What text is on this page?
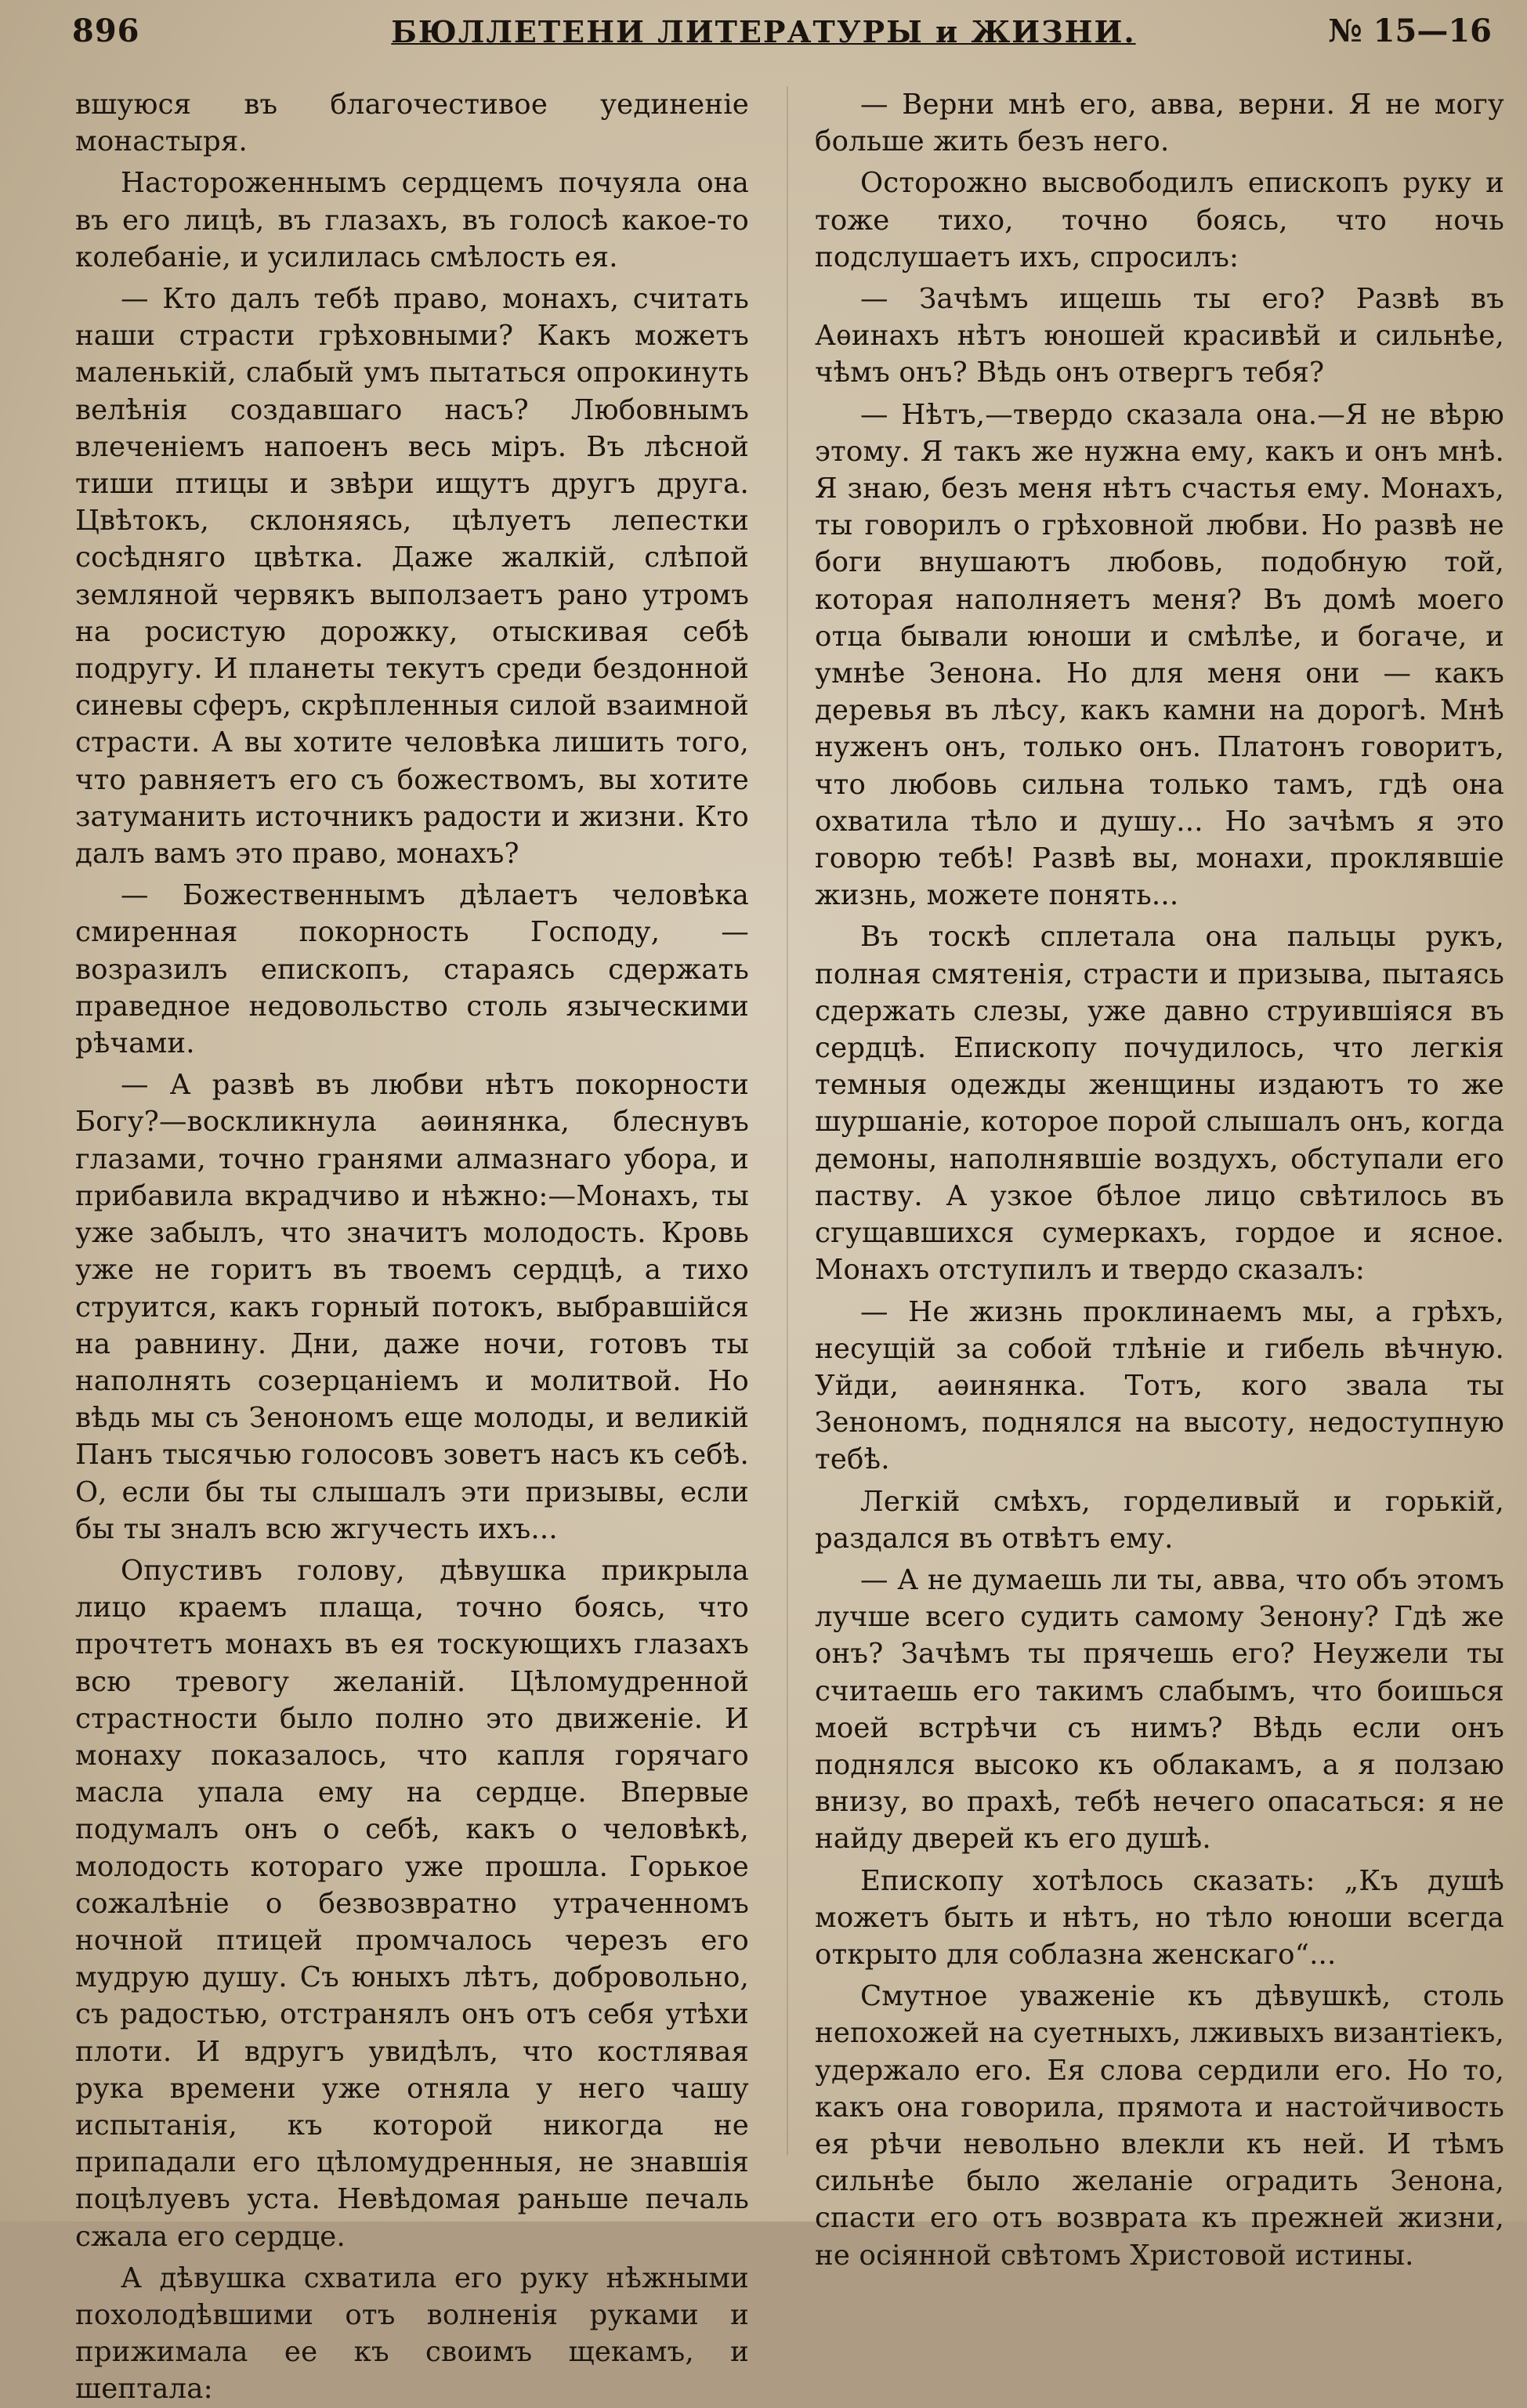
896	БЮЛЛЕТЕНИ ЛИТЕРАТУРЫ и ЖИЗНИ.	№ 15—16

вшуюся въ благочестивое уединеніе монастыря.

Настороженнымъ сердцемъ почуяла она въ его лицѣ, въ глазахъ, въ голосѣ какое-то колебаніе, и усилилась смѣлость ея.

— Кто далъ тебѣ право, монахъ, считать наши страсти грѣховными? Какъ можетъ маленькій, слабый умъ пытаться опрокинуть велѣнія создавшаго насъ? Любовнымъ влеченіемъ напоенъ весь міръ. Въ лѣсной тиши птицы и звѣри ищутъ другъ друга. Цвѣтокъ, склоняясь, цѣлуетъ лепестки сосѣдняго цвѣтка. Даже жалкій, слѣпой земляной червякъ выползаетъ рано утромъ на росистую дорожку, отыскивая себѣ подругу. И планеты текутъ среди бездонной синевы сферъ, скрѣпленныя силой взаимной страсти. А вы хотите человѣка лишить того, что равняетъ его съ божествомъ, вы хотите затуманить источникъ радости и жизни. Кто далъ вамъ это право, монахъ?

— Божественнымъ дѣлаетъ человѣка смиренная покорность Господу, — возразилъ епископъ, стараясь сдержать праведное недовольство столь языческими рѣчами.

— А развѣ въ любви нѣтъ покорности Богу?—воскликнула аѳинянка, блеснувъ глазами, точно гранями алмазнаго убора, и прибавила вкрадчиво и нѣжно:—Монахъ, ты уже забылъ, что значитъ молодость. Кровь уже не горитъ въ твоемъ сердцѣ, а тихо струится, какъ горный потокъ, выбравшійся на равнину. Дни, даже ночи, готовъ ты наполнять созерцаніемъ и молитвой. Но вѣдь мы съ Зенономъ еще молоды, и великій Панъ тысячью голосовъ зоветъ насъ къ себѣ. О, если бы ты слышалъ эти призывы, если бы ты зналъ всю жгучесть ихъ...

Опустивъ голову, дѣвушка прикрыла лицо краемъ плаща, точно боясь, что прочтетъ монахъ въ ея тоскующихъ глазахъ всю тревогу желаній. Цѣломудренной страстности было полно это движеніе. И монаху показалось, что капля горячаго масла упала ему на сердце. Впервые подумалъ онъ о себѣ, какъ о человѣкѣ, молодость котораго уже прошла. Горькое сожалѣніе о безвозвратно утраченномъ ночной птицей промчалось черезъ его мудрую душу. Съ юныхъ лѣтъ, добровольно, съ радостью, отстранялъ онъ отъ себя утѣхи плоти. И вдругъ увидѣлъ, что костлявая рука времени уже отняла у него чашу испытанія, къ которой никогда не припадали его цѣломудренныя, не знавшія поцѣлуевъ уста. Невѣдомая раньше печаль сжала его сердце.

А дѣвушка схватила его руку нѣжными похолодѣвшими отъ волненія руками и прижимала ее къ своимъ щекамъ, и шептала:

— Верни мнѣ его, авва, верни. Я не могу больше жить безъ него.

Осторожно высвободилъ епископъ руку и тоже тихо, точно боясь, что ночь подслушаетъ ихъ, спросилъ:

— Зачѣмъ ищешь ты его? Развѣ въ Аѳинахъ нѣтъ юношей красивѣй и сильнѣе, чѣмъ онъ? Вѣдь онъ отвергъ тебя?

— Нѣтъ,—твердо сказала она.—Я не вѣрю этому. Я такъ же нужна ему, какъ и онъ мнѣ. Я знаю, безъ меня нѣтъ счастья ему. Монахъ, ты говорилъ о грѣховной любви. Но развѣ не боги внушаютъ любовь, подобную той, которая наполняетъ меня? Въ домѣ моего отца бывали юноши и смѣлѣе, и богаче, и умнѣе Зенона. Но для меня они — какъ деревья въ лѣсу, какъ камни на дорогѣ. Мнѣ нуженъ онъ, только онъ. Платонъ говоритъ, что любовь сильна только тамъ, гдѣ она охватила тѣло и душу... Но зачѣмъ я это говорю тебѣ! Развѣ вы, монахи, проклявшіе жизнь, можете понять...

Въ тоскѣ сплетала она пальцы рукъ, полная смятенія, страсти и призыва, пытаясь сдержать слезы, уже давно струившіяся въ сердцѣ. Епископу почудилось, что легкія темныя одежды женщины издаютъ то же шуршаніе, которое порой слышалъ онъ, когда демоны, наполнявшіе воздухъ, обступали его паству. А узкое бѣлое лицо свѣтилось въ сгущавшихся сумеркахъ, гордое и ясное. Монахъ отступилъ и твердо сказалъ:

— Не жизнь проклинаемъ мы, а грѣхъ, несущій за собой тлѣніе и гибель вѣчную. Уйди, аѳинянка. Тотъ, кого звала ты Зенономъ, поднялся на высоту, недоступную тебѣ.

Легкій смѣхъ, горделивый и горькій, раздался въ отвѣтъ ему.

— А не думаешь ли ты, авва, что объ этомъ лучше всего судить самому Зенону? Гдѣ же онъ? Зачѣмъ ты прячешь его? Неужели ты считаешь его такимъ слабымъ, что боишься моей встрѣчи съ нимъ? Вѣдь если онъ поднялся высоко къ облакамъ, а я ползаю внизу, во прахѣ, тебѣ нечего опасаться: я не найду дверей къ его душѣ.

Епископу хотѣлось сказать: „Къ душѣ можетъ быть и нѣтъ, но тѣло юноши всегда открыто для соблазна женскаго“...

Смутное уваженіе къ дѣвушкѣ, столь непохожей на суетныхъ, лживыхъ византіекъ, удержало его. Ея слова сердили его. Но то, какъ она говорила, прямота и настойчивость ея рѣчи невольно влекли къ ней. И тѣмъ сильнѣе было желаніе оградить Зенона, спасти его отъ возврата къ прежней жизни, не осіянной свѣтомъ Христовой истины.
